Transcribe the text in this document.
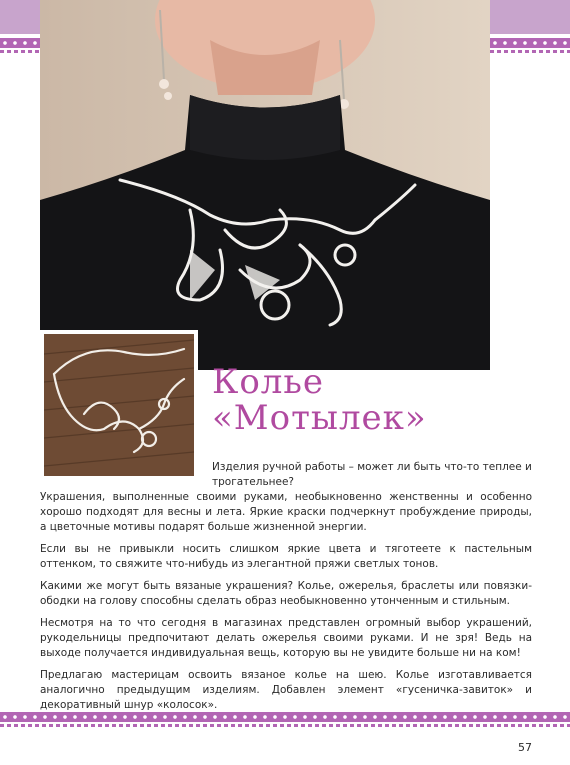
Колье
«Мотылек»

Изделия ручной работы – может ли быть что-то теплее и трогательнее?

Украшения, выполненные своими руками, необыкновенно женственны и особенно хорошо подходят для весны и лета. Яркие краски подчеркнут пробуждение природы, а цветочные мотивы подарят больше жизненной энергии.

Если вы не привыкли носить слишком яркие цвета и тяготеете к пастельным оттенком, то свяжите что-нибудь из элегантной пряжи светлых тонов.

Какими же могут быть вязаные украшения? Колье, ожерелья, браслеты или повязки-ободки на голову способны сделать образ необыкновенно утонченным и стильным.

Несмотря на то что сегодня в магазинах представлен огромный выбор украшений, рукодельницы предпочитают делать ожерелья своими руками. И не зря! Ведь на выходе получается индивидуальная вещь, которую вы не увидите больше ни на ком!

Предлагаю мастерицам освоить вязаное колье на шею. Колье изготавливается аналогично предыдущим изделиям. Добавлен элемент «гусеничка-завиток» и декоративный шнур «колосок».

57
